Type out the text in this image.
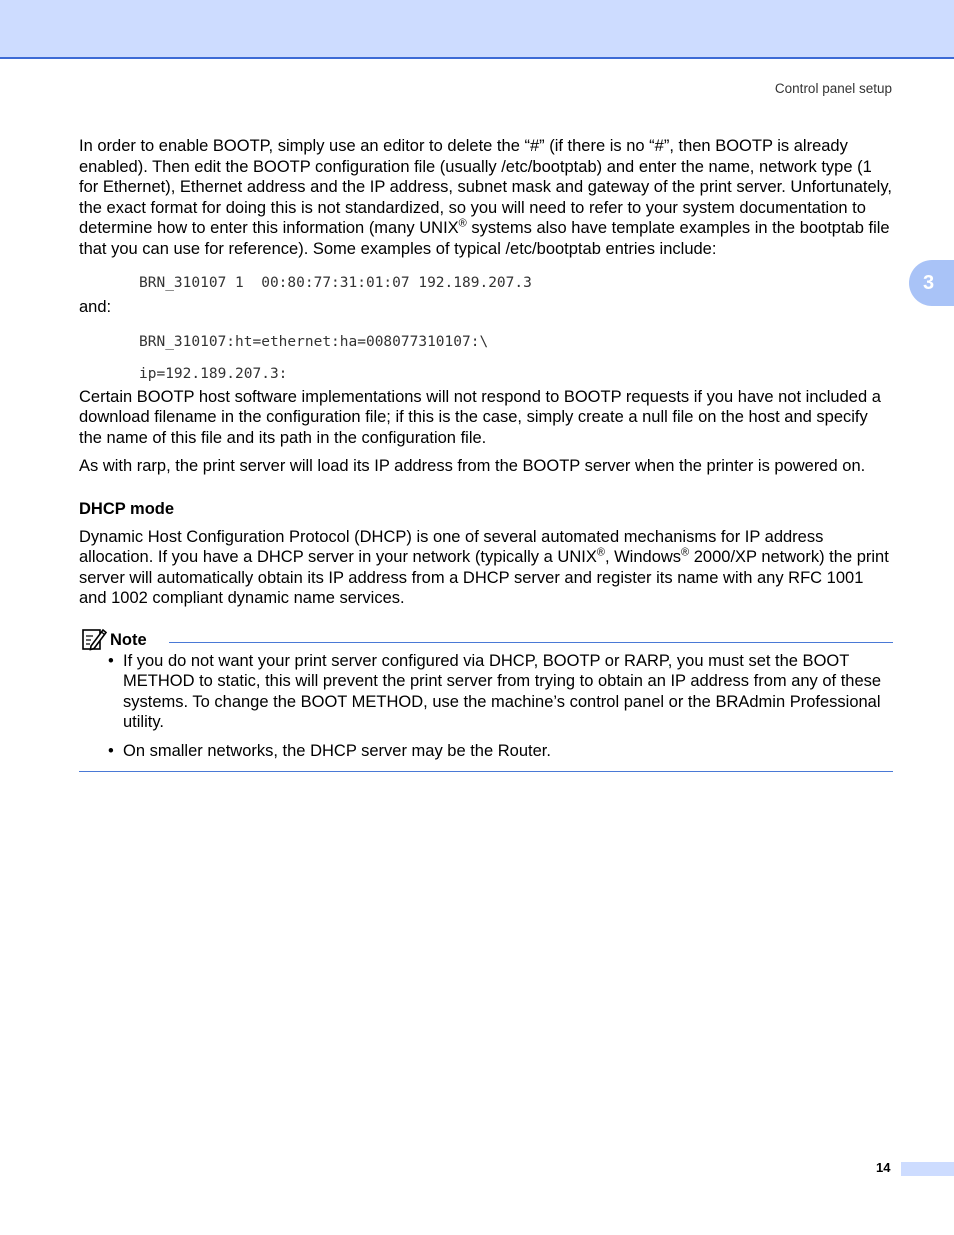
Control panel setup
3

In order to enable BOOTP, simply use an editor to delete the “#” (if there is no “#”, then BOOTP is already enabled). Then edit the BOOTP configuration file (usually /etc/bootptab) and enter the name, network type (1 for Ethernet), Ethernet address and the IP address, subnet mask and gateway of the print server. Unfortunately, the exact format for doing this is not standardized, so you will need to refer to your system documentation to determine how to enter this information (many UNIX® systems also have template examples in the bootptab file that you can use for reference). Some examples of typical /etc/bootptab entries include:

BRN_310107 1  00:80:77:31:01:07 192.189.207.3

and:

BRN_310107:ht=ethernet:ha=008077310107:\
ip=192.189.207.3:

Certain BOOTP host software implementations will not respond to BOOTP requests if you have not included a download filename in the configuration file; if this is the case, simply create a null file on the host and specify the name of this file and its path in the configuration file.

As with rarp, the print server will load its IP address from the BOOTP server when the printer is powered on.

DHCP mode

Dynamic Host Configuration Protocol (DHCP) is one of several automated mechanisms for IP address allocation. If you have a DHCP server in your network (typically a UNIX®, Windows® 2000/XP network) the print server will automatically obtain its IP address from a DHCP server and register its name with any RFC 1001 and 1002 compliant dynamic name services.

Note
• If you do not want your print server configured via DHCP, BOOTP or RARP, you must set the BOOT METHOD to static, this will prevent the print server from trying to obtain an IP address from any of these systems. To change the BOOT METHOD, use the machine’s control panel or the BRAdmin Professional utility.
• On smaller networks, the DHCP server may be the Router.
14
